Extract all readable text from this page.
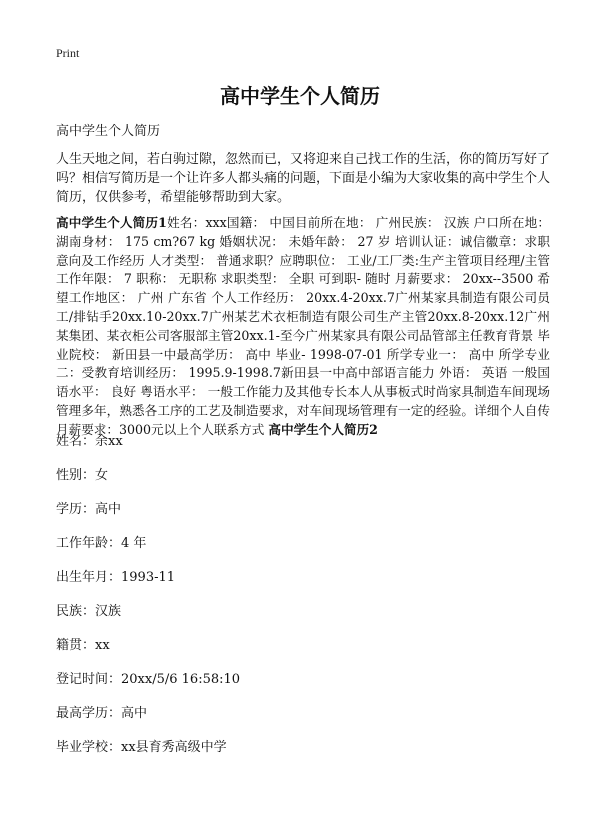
Print
高中学生个人简历
高中学生个人简历
人生天地之间，若白驹过隙，忽然而已，又将迎来自己找工作的生活，你的简历写好了吗？相信写简历是一个让许多人都头痛的问题，下面是小编为大家收集的高中学生个人简历，仅供参考，希望能够帮助到大家。
高中学生个人简历1姓名：xxx国籍： 中国目前所在地： 广州民族： 汉族 户口所在地： 湖南身材： 175 cm?67 kg 婚姻状况： 未婚年龄： 27 岁 培训认证：诚信徽章：求职意向及工作经历 人才类型： 普通求职？应聘职位： 工业/工厂类:生产主管项目经理/主管工作年限： 7 职称： 无职称 求职类型： 全职 可到职- 随时 月薪要求： 20xx--3500 希望工作地区： 广州 广东省 个人工作经历： 20xx.4-20xx.7广州某家具制造有限公司员工/排钻手20xx.10-20xx.7广州某艺术衣柜制造有限公司生产主管20xx.8-20xx.12广州某集团、某衣柜公司客服部主管20xx.1-至今广州某家具有限公司品管部主任教育背景 毕业院校： 新田县一中最高学历： 高中 毕业- 1998-07-01 所学专业一： 高中 所学专业二：受教育培训经历： 1995.9-1998.7新田县一中高中部语言能力 外语： 英语 一般国语水平： 良好 粤语水平： 一般工作能力及其他专长本人从事板式时尚家具制造车间现场管理多年，熟悉各工序的工艺及制造要求，对车间现场管理有一定的经验。详细个人自传月薪要求：3000元以上个人联系方式 高中学生个人简历2
姓名：余xx
性别：女
学历：高中
工作年龄：4 年
出生年月：1993-11
民族：汉族
籍贯：xx
登记时间：20xx/5/6 16:58:10
最高学历：高中
毕业学校：xx县育秀高级中学
